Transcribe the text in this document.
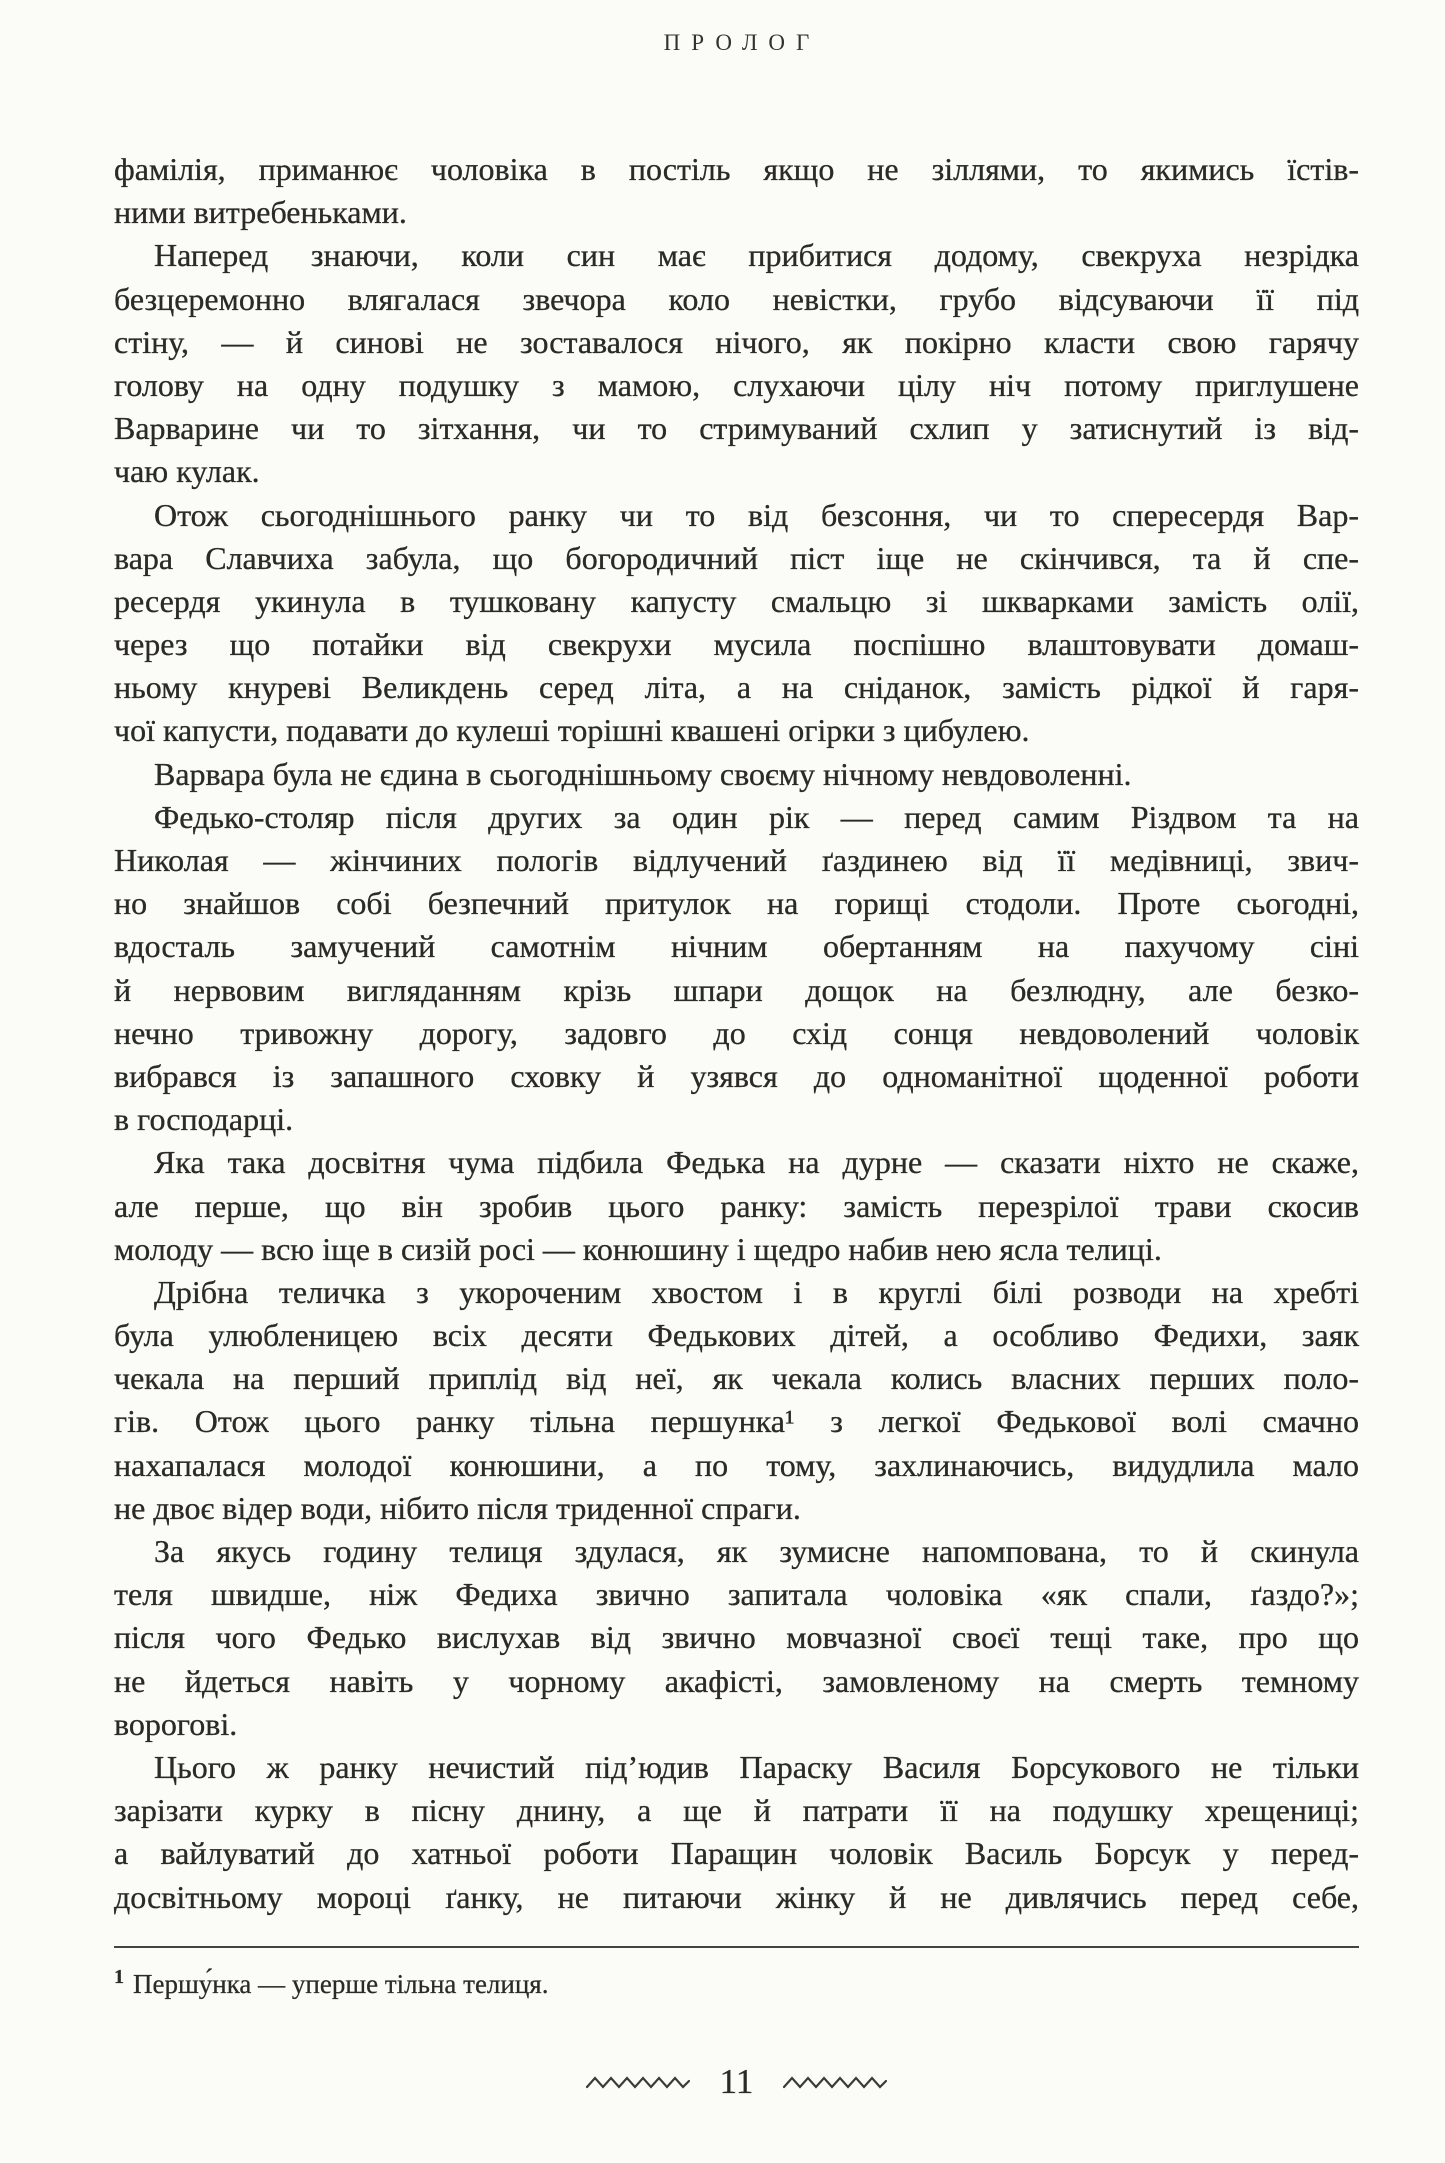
ПРОЛОГ
фамілія, приманює чоловіка в постіль якщо не зіллями, то якимись їстів-
ними витребеньками.
Наперед знаючи, коли син має прибитися додому, свекруха незрідка
безцеремонно влягалася звечора коло невістки, грубо відсуваючи її під
стіну, — й синові не зоставалося нічого, як покірно класти свою гарячу
голову на одну подушку з мамою, слухаючи цілу ніч потому приглушене
Варварине чи то зітхання, чи то стримуваний схлип у затиснутий із від-
чаю кулак.
Отож сьогоднішнього ранку чи то від безсоння, чи то спересердя Вар-
вара Славчиха забула, що богородичний піст іще не скінчився, та й спе-
ресердя укинула в тушковану капусту смальцю зі шкварками замість олії,
через що потайки від свекрухи мусила поспішно влаштовувати домаш-
ньому кнуреві Великдень серед літа, а на сніданок, замість рідкої й гаря-
чої капусти, подавати до кулеші торішні квашені огірки з цибулею.
Варвара була не єдина в сьогоднішньому своєму нічному невдоволенні.
Федько-столяр після других за один рік — перед самим Різдвом та на
Николая — жінчиних пологів відлучений ґаздинею від її медівниці, звич-
но знайшов собі безпечний притулок на горищі стодоли. Проте сьогодні,
вдосталь замучений самотнім нічним обертанням на пахучому сіні
й нервовим вигляданням крізь шпари дощок на безлюдну, але безко-
нечно тривожну дорогу, задовго до схід сонця невдоволений чоловік
вибрався із запашного сховку й узявся до одноманітної щоденної роботи
в господарці.
Яка така досвітня чума підбила Федька на дурне — сказати ніхто не скаже,
але перше, що він зробив цього ранку: замість перезрілої трави скосив
молоду — всю іще в сизій росі — конюшину і щедро набив нею ясла телиці.
Дрібна теличка з укороченим хвостом і в круглі білі розводи на хребті
була улюбленицею всіх десяти Федькових дітей, а особливо Федихи, заяк
чекала на перший приплід від неї, як чекала колись власних перших поло-
гів. Отож цього ранку тільна першунка¹ з легкої Федькової волі смачно
нахапалася молодої конюшини, а по тому, захлинаючись, видудлила мало
не двоє відер води, нібито після триденної спраги.
За якусь годину телиця здулася, як зумисне напомпована, то й скинула
теля швидше, ніж Федиха звично запитала чоловіка «як спали, ґаздо?»;
після чого Федько вислухав від звично мовчазної своєї тещі таке, про що
не йдеться навіть у чорному акафісті, замовленому на смерть темному
ворогові.
Цього ж ранку нечистий під’юдив Параску Василя Борсукового не тільки
зарізати курку в пісну днину, а ще й патрати її на подушку хрещениці;
а вайлуватий до хатньої роботи Паращин чоловік Василь Борсук у перед-
досвітньому мороці ґанку, не питаючи жінку й не дивлячись перед себе,
$^1$ Першу́нка — уперше тільна телиця.
11
